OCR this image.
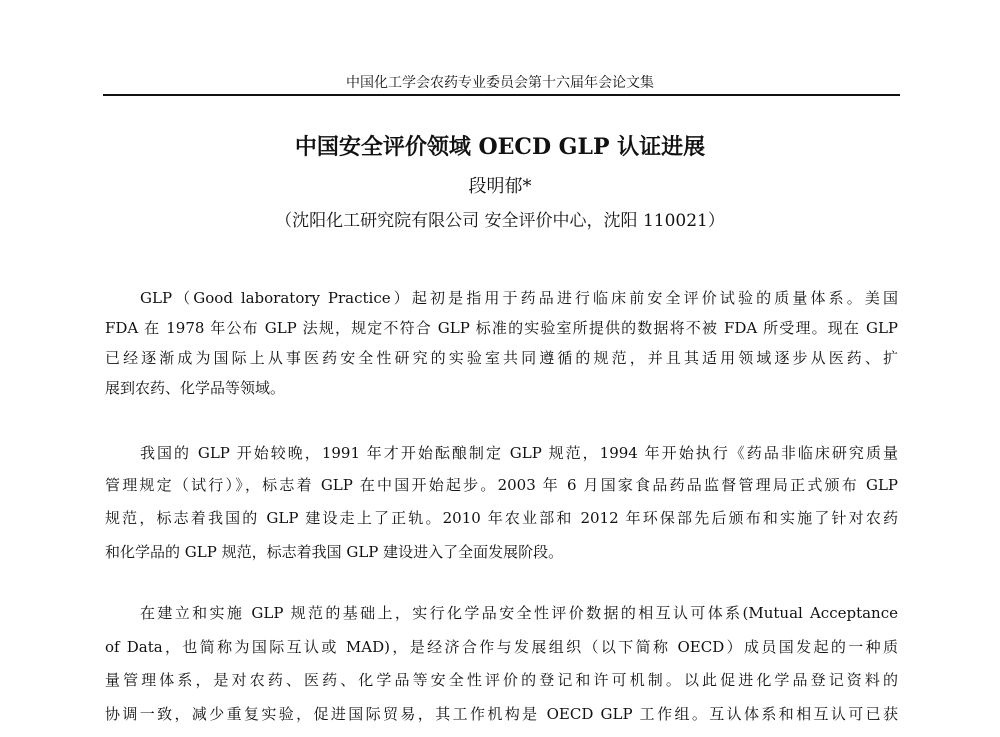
中国化工学会农药专业委员会第十六届年会论文集
中国安全评价领域 OECD GLP 认证进展
段明郁*
（沈阳化工研究院有限公司 安全评价中心，沈阳 110021）
GLP（Good laboratory Practice）起初是指用于药品进行临床前安全评价试验的质量体系。美国
FDA 在 1978 年公布 GLP 法规，规定不符合 GLP 标准的实验室所提供的数据将不被 FDA 所受理。现在 GLP
已经逐渐成为国际上从事医药安全性研究的实验室共同遵循的规范，并且其适用领域逐步从医药、扩
展到农药、化学品等领域。
我国的 GLP 开始较晚，1991 年才开始酝酿制定 GLP 规范，1994 年开始执行《药品非临床研究质量
管理规定（试行）》，标志着 GLP 在中国开始起步。2003 年 6 月国家食品药品监督管理局正式颁布 GLP
规范，标志着我国的 GLP 建设走上了正轨。2010 年农业部和 2012 年环保部先后颁布和实施了针对农药
和化学品的 GLP 规范，标志着我国 GLP 建设进入了全面发展阶段。
在建立和实施 GLP 规范的基础上，实行化学品安全性评价数据的相互认可体系(Mutual Acceptance
of Data，也简称为国际互认或 MAD)，是经济合作与发展组织（以下简称 OECD）成员国发起的一种质
量管理体系，是对农药、医药、化学品等安全性评价的登记和许可机制。以此促进化学品登记资料的
协调一致，减少重复实验，促进国际贸易，其工作机构是 OECD GLP 工作组。互认体系和相互认可已获
